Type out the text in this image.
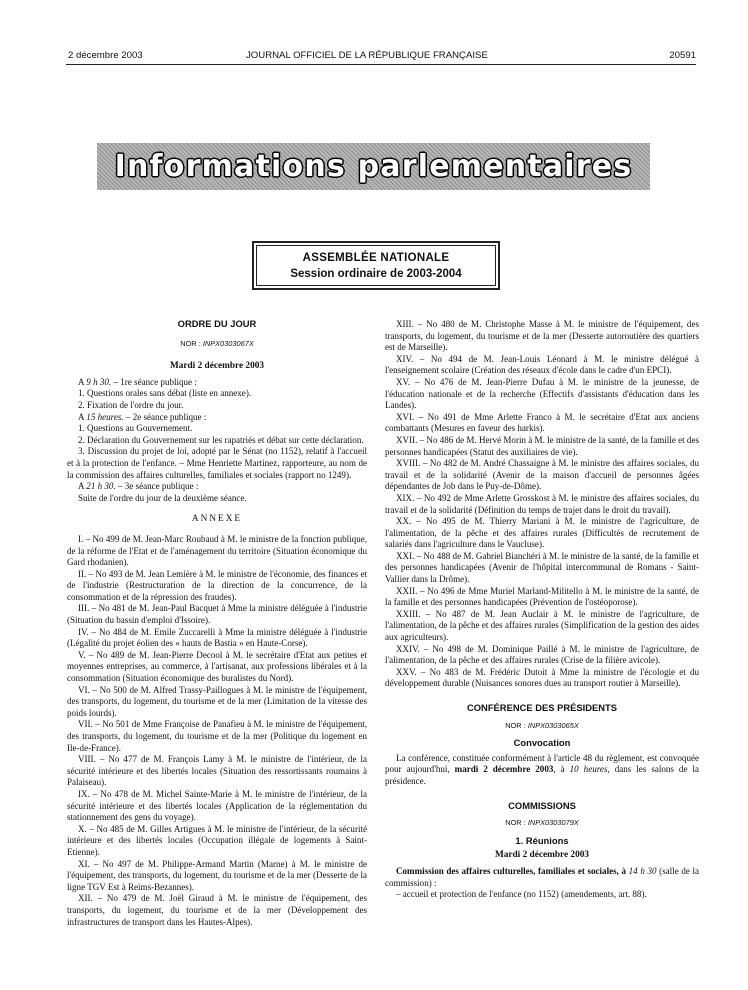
2 décembre 2003	JOURNAL OFFICIEL DE LA RÉPUBLIQUE FRANÇAISE	20591
Informations parlementaires
ASSEMBLÉE NATIONALE
Session ordinaire de 2003-2004
ORDRE DU JOUR
NOR : INPX0303067X
Mardi 2 décembre 2003

A 9 h 30. – 1re séance publique :

1. Questions orales sans débat (liste en annexe).

2. Fixation de l'ordre du jour.

A 15 heures. – 2e séance publique :

1. Questions au Gouvernement.

2. Déclaration du Gouvernement sur les rapatriés et débat sur cette déclaration.

3. Discussion du projet de loi, adopté par le Sénat (no 1152), relatif à l'accueil et à la protection de l'enfance. – Mme Henriette Martinez, rapporteure, au nom de la commission des affaires culturelles, familiales et sociales (rapport no 1249).

A 21 h 30. – 3e séance publique :

Suite de l'ordre du jour de la deuxième séance.

ANNEXE

I. – No 499 de M. Jean-Marc Roubaud à M. le ministre de la fonction publique, de la réforme de l'Etat et de l'aménagement du territoire (Situation économique du Gard rhodanien).

II. – No 493 de M. Jean Lemière à M. le ministre de l'économie, des finances et de l'industrie (Restructuration de la direction de la concurrence, de la consommation et de la répression des fraudes).

III. – No 481 de M. Jean-Paul Bacquet à Mme la ministre déléguée à l'industrie (Situation du bassin d'emploi d'Issoire).

IV. – No 484 de M. Emile Zuccarelli à Mme la ministre déléguée à l'industrie (Légalité du projet éolien des « hauts de Bastia » en Haute-Corse).

V. – No 489 de M. Jean-Pierre Decool à M. le secrétaire d'Etat aux petites et moyennes entreprises, au commerce, à l'artisanat, aux professions libérales et à la consommation (Situation économique des buralistes du Nord).

VI. – No 500 de M. Alfred Trassy-Paillogues à M. le ministre de l'équipement, des transports, du logement, du tourisme et de la mer (Limitation de la vitesse des poids lourds).

VII. – No 501 de Mme Françoise de Panafieu à M. le ministre de l'équipement, des transports, du logement, du tourisme et de la mer (Politique du logement en Ile-de-France).

VIII. – No 477 de M. François Lamy à M. le ministre de l'intérieur, de la sécurité intérieure et des libertés locales (Situation des ressortissants roumains à Palaiseau).

IX. – No 478 de M. Michel Sainte-Marie à M. le ministre de l'intérieur, de la sécurité intérieure et des libertés locales (Application de la réglementation du stationnement des gens du voyage).

X. – No 485 de M. Gilles Artigues à M. le ministre de l'intérieur, de la sécurité intérieure et des libertés locales (Occupation illégale de logements à Saint-Etienne).

XI. – No 497 de M. Philippe-Armand Martin (Marne) à M. le ministre de l'équipement, des transports, du logement, du tourisme et de la mer (Desserte de la ligne TGV Est à Reims-Bezannes).

XII. – No 479 de M. Joël Giraud à M. le ministre de l'équipement, des transports, du logement, du tourisme et de la mer (Développement des infrastructures de transport dans les Hautes-Alpes).

XIII. – No 480 de M. Christophe Masse à M. le ministre de l'équipement, des transports, du logement, du tourisme et de la mer (Desserte autoroutière des quartiers est de Marseille).

XIV. – No 494 de M. Jean-Louis Léonard à M. le ministre délégué à l'enseignement scolaire (Création des réseaux d'école dans le cadre d'un EPCI).

XV. – No 476 de M. Jean-Pierre Dufau à M. le ministre de la jeunesse, de l'éducation nationale et de la recherche (Effectifs d'assistants d'éducation dans les Landes).

XVI. – No 491 de Mme Arlette Franco à M. le secrétaire d'Etat aux anciens combattants (Mesures en faveur des harkis).

XVII. – No 486 de M. Hervé Morin à M. le ministre de la santé, de la famille et des personnes handicapées (Statut des auxiliaires de vie).

XVIII. – No 482 de M. André Chassaigne à M. le ministre des affaires sociales, du travail et de la solidarité (Avenir de la maison d'accueil de personnes âgées dépendantes de Job dans le Puy-de-Dôme).

XIX. – No 492 de Mme Arlette Grosskost à M. le ministre des affaires sociales, du travail et de la solidarité (Définition du temps de trajet dans le droit du travail).

XX. – No 495 de M. Thierry Mariani à M. le ministre de l'agriculture, de l'alimentation, de la pêche et des affaires rurales (Difficultés de recrutement de salariés dans l'agriculture dans le Vaucluse).

XXI. – No 488 de M. Gabriel Bianchéri à M. le ministre de la santé, de la famille et des personnes handicapées (Avenir de l'hôpital intercommunal de Romans - Saint-Vallier dans la Drôme).

XXII. – No 496 de Mme Muriel Marland-Militello à M. le ministre de la santé, de la famille et des personnes handicapées (Prévention de l'ostéoporose).

XXIII. – No 487 de M. Jean Auclair à M. le ministre de l'agriculture, de l'alimentation, de la pêche et des affaires rurales (Simplification de la gestion des aides aux agriculteurs).

XXIV. – No 498 de M. Dominique Paillé à M. le ministre de l'agriculture, de l'alimentation, de la pêche et des affaires rurales (Crise de la filière avicole).

XXV. – No 483 de M. Frédéric Dutoit à Mme la ministre de l'écologie et du développement durable (Nuisances sonores dues au transport routier à Marseille).

CONFÉRENCE DES PRÉSIDENTS
NOR : INPX0303065X
Convocation

La conférence, constituée conformément à l'article 48 du règlement, est convoquée pour aujourd'hui, mardi 2 décembre 2003, à 10 heures, dans les salons de la présidence.

COMMISSIONS
NOR : INPX0303079X
1. Réunions
Mardi 2 décembre 2003

Commission des affaires culturelles, familiales et sociales, à 14 h 30 (salle de la commission) :

– accueil et protection de l'enfance (no 1152) (amendements, art. 88).
